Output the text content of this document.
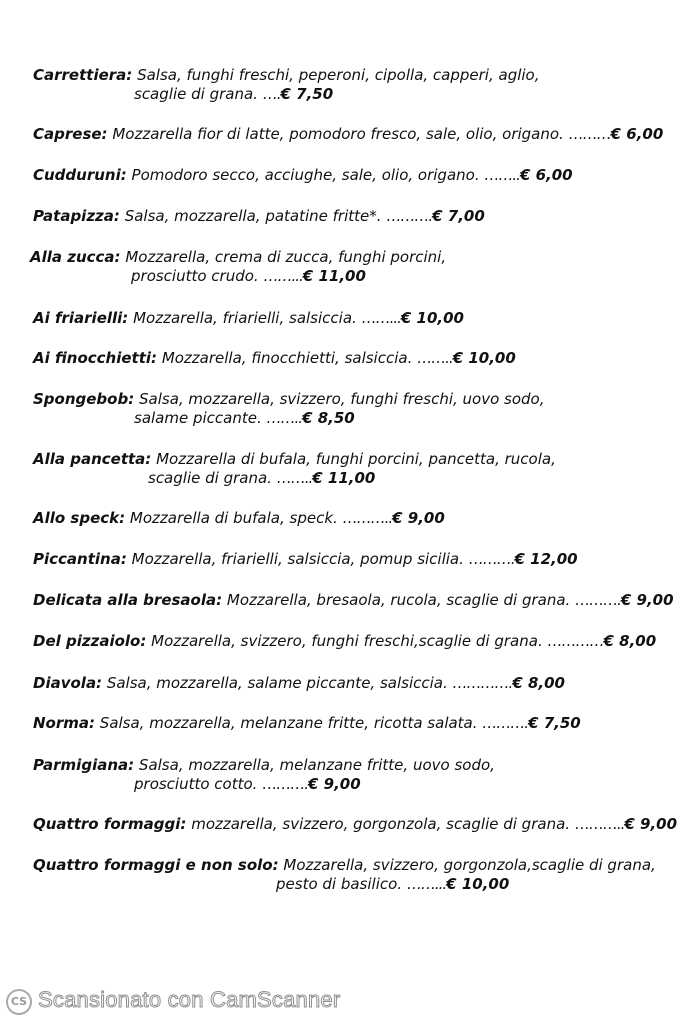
Carrettiera: Salsa, funghi freschi, peperoni, cipolla, capperi, aglio,
scaglie di grana. ….€ 7,50
Caprese: Mozzarella fior di latte, pomodoro fresco, sale, olio, origano. ………€ 6,00
Cudduruni: Pomodoro secco, acciughe, sale, olio, origano. ……..€ 6,00
Patapizza: Salsa, mozzarella, patatine fritte*. ……….€ 7,00
Alla zucca: Mozzarella, crema di zucca, funghi porcini,
prosciutto crudo. ……...€ 11,00
Ai friarielli: Mozzarella, friarielli, salsiccia. ……...€ 10,00
Ai finocchietti: Mozzarella, finocchietti, salsiccia. ……..€ 10,00
Spongebob: Salsa, mozzarella, svizzero, funghi freschi, uovo sodo,
salame piccante. ……..€ 8,50
Alla pancetta: Mozzarella di bufala, funghi porcini, pancetta, rucola,
scaglie di grana. ……..€ 11,00
Allo speck: Mozzarella di bufala, speck. ………..€ 9,00
Piccantina: Mozzarella, friarielli, salsiccia, pomup sicilia. ……….€ 12,00
Delicata alla bresaola: Mozzarella, bresaola, rucola, scaglie di grana. ……….€ 9,00
Del pizzaiolo: Mozzarella, svizzero, funghi freschi,scaglie di grana. …………€ 8,00
Diavola: Salsa, mozzarella, salame piccante, salsiccia. ………….€ 8,00
Norma: Salsa, mozzarella, melanzane fritte, ricotta salata. ……….€ 7,50
Parmigiana: Salsa, mozzarella, melanzane fritte, uovo sodo,
prosciutto cotto. ……….€ 9,00
Quattro formaggi: mozzarella, svizzero, gorgonzola, scaglie di grana. ………..€ 9,00
Quattro formaggi e non solo: Mozzarella, svizzero, gorgonzola,scaglie di grana,
pesto di basilico. ……...€ 10,00
CS Scansionato con CamScanner
